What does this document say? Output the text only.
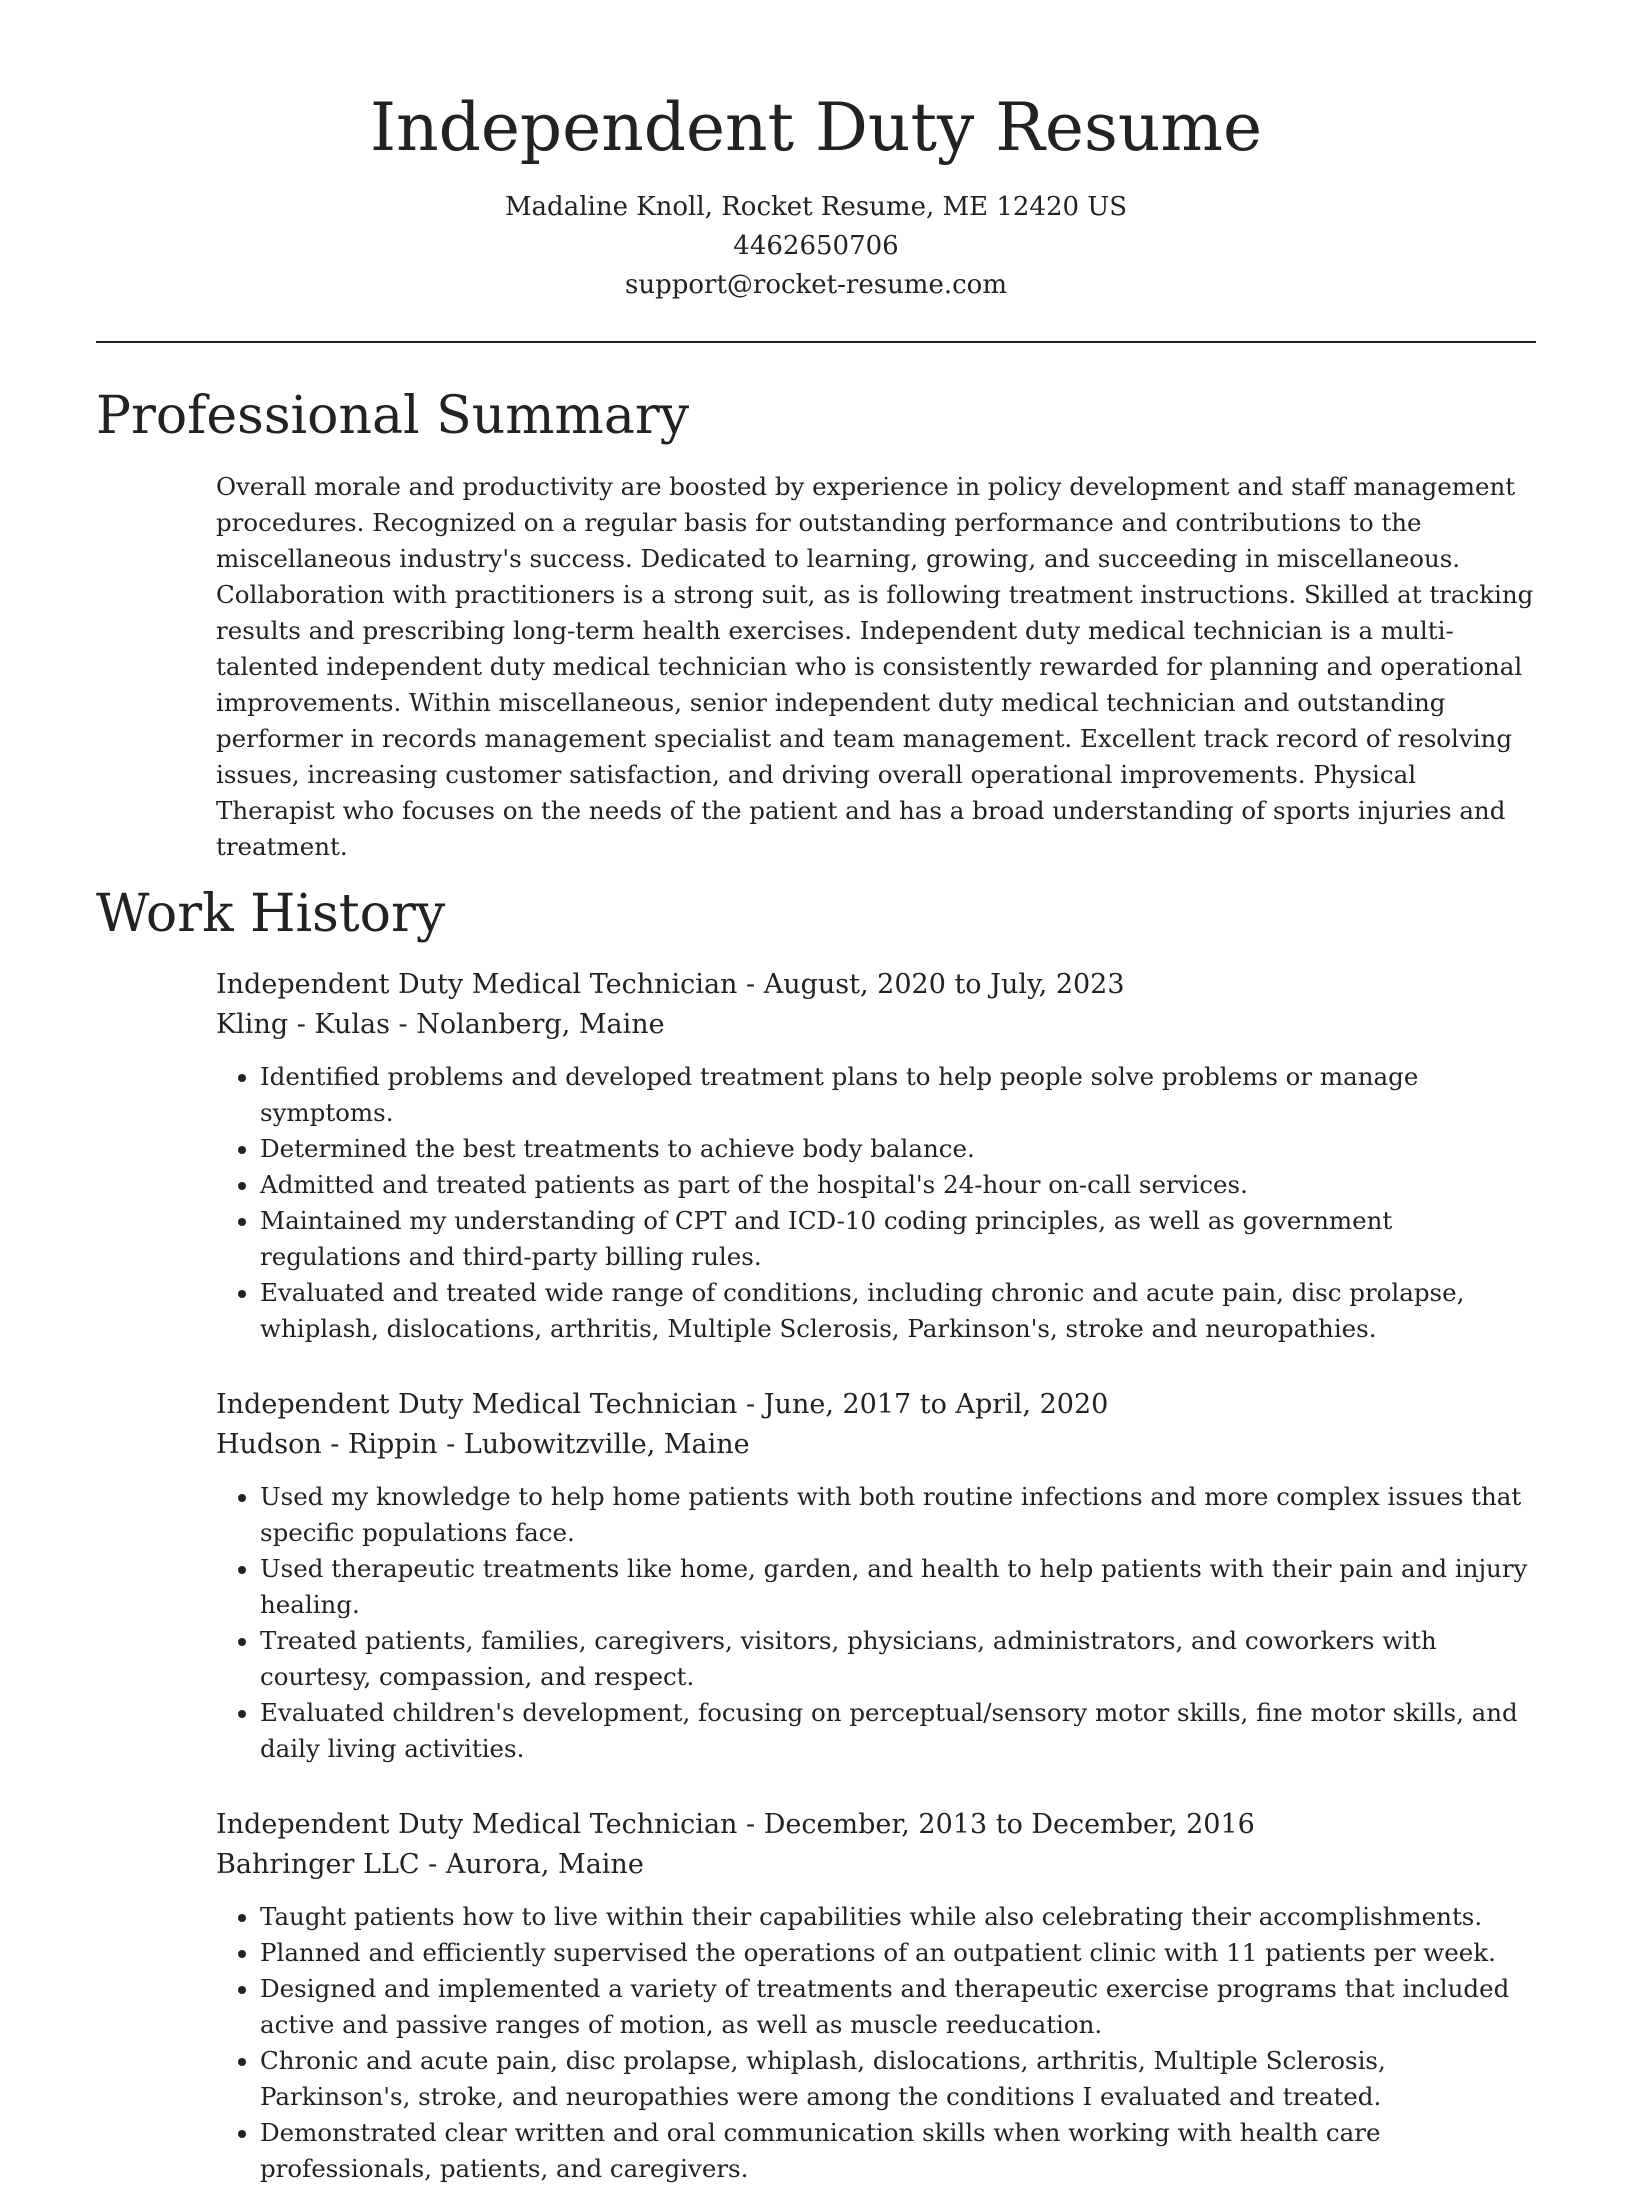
Independent Duty Resume
Madaline Knoll, Rocket Resume, ME 12420 US
4462650706
support@rocket-resume.com
Professional Summary

Overall morale and productivity are boosted by experience in policy development and staff management procedures. Recognized on a regular basis for outstanding performance and contributions to the miscellaneous industry's success. Dedicated to learning, growing, and succeeding in miscellaneous. Collaboration with practitioners is a strong suit, as is following treatment instructions. Skilled at tracking results and prescribing long-term health exercises. Independent duty medical technician is a multi-talented independent duty medical technician who is consistently rewarded for planning and operational improvements. Within miscellaneous, senior independent duty medical technician and outstanding performer in records management specialist and team management. Excellent track record of resolving issues, increasing customer satisfaction, and driving overall operational improvements. Physical Therapist who focuses on the needs of the patient and has a broad understanding of sports injuries and treatment.

Work History
Independent Duty Medical Technician - August, 2020 to July, 2023
Kling - Kulas - Nolanberg, Maine
• Identified problems and developed treatment plans to help people solve problems or manage symptoms.
• Determined the best treatments to achieve body balance.
• Admitted and treated patients as part of the hospital's 24-hour on-call services.
• Maintained my understanding of CPT and ICD-10 coding principles, as well as government regulations and third-party billing rules.
• Evaluated and treated wide range of conditions, including chronic and acute pain, disc prolapse, whiplash, dislocations, arthritis, Multiple Sclerosis, Parkinson's, stroke and neuropathies.
Independent Duty Medical Technician - June, 2017 to April, 2020
Hudson - Rippin - Lubowitzville, Maine
• Used my knowledge to help home patients with both routine infections and more complex issues that specific populations face.
• Used therapeutic treatments like home, garden, and health to help patients with their pain and injury healing.
• Treated patients, families, caregivers, visitors, physicians, administrators, and coworkers with courtesy, compassion, and respect.
• Evaluated children's development, focusing on perceptual/sensory motor skills, fine motor skills, and daily living activities.
Independent Duty Medical Technician - December, 2013 to December, 2016
Bahringer LLC - Aurora, Maine
• Taught patients how to live within their capabilities while also celebrating their accomplishments.
• Planned and efficiently supervised the operations of an outpatient clinic with 11 patients per week.
• Designed and implemented a variety of treatments and therapeutic exercise programs that included active and passive ranges of motion, as well as muscle reeducation.
• Chronic and acute pain, disc prolapse, whiplash, dislocations, arthritis, Multiple Sclerosis, Parkinson's, stroke, and neuropathies were among the conditions I evaluated and treated.
• Demonstrated clear written and oral communication skills when working with health care professionals, patients, and caregivers.
